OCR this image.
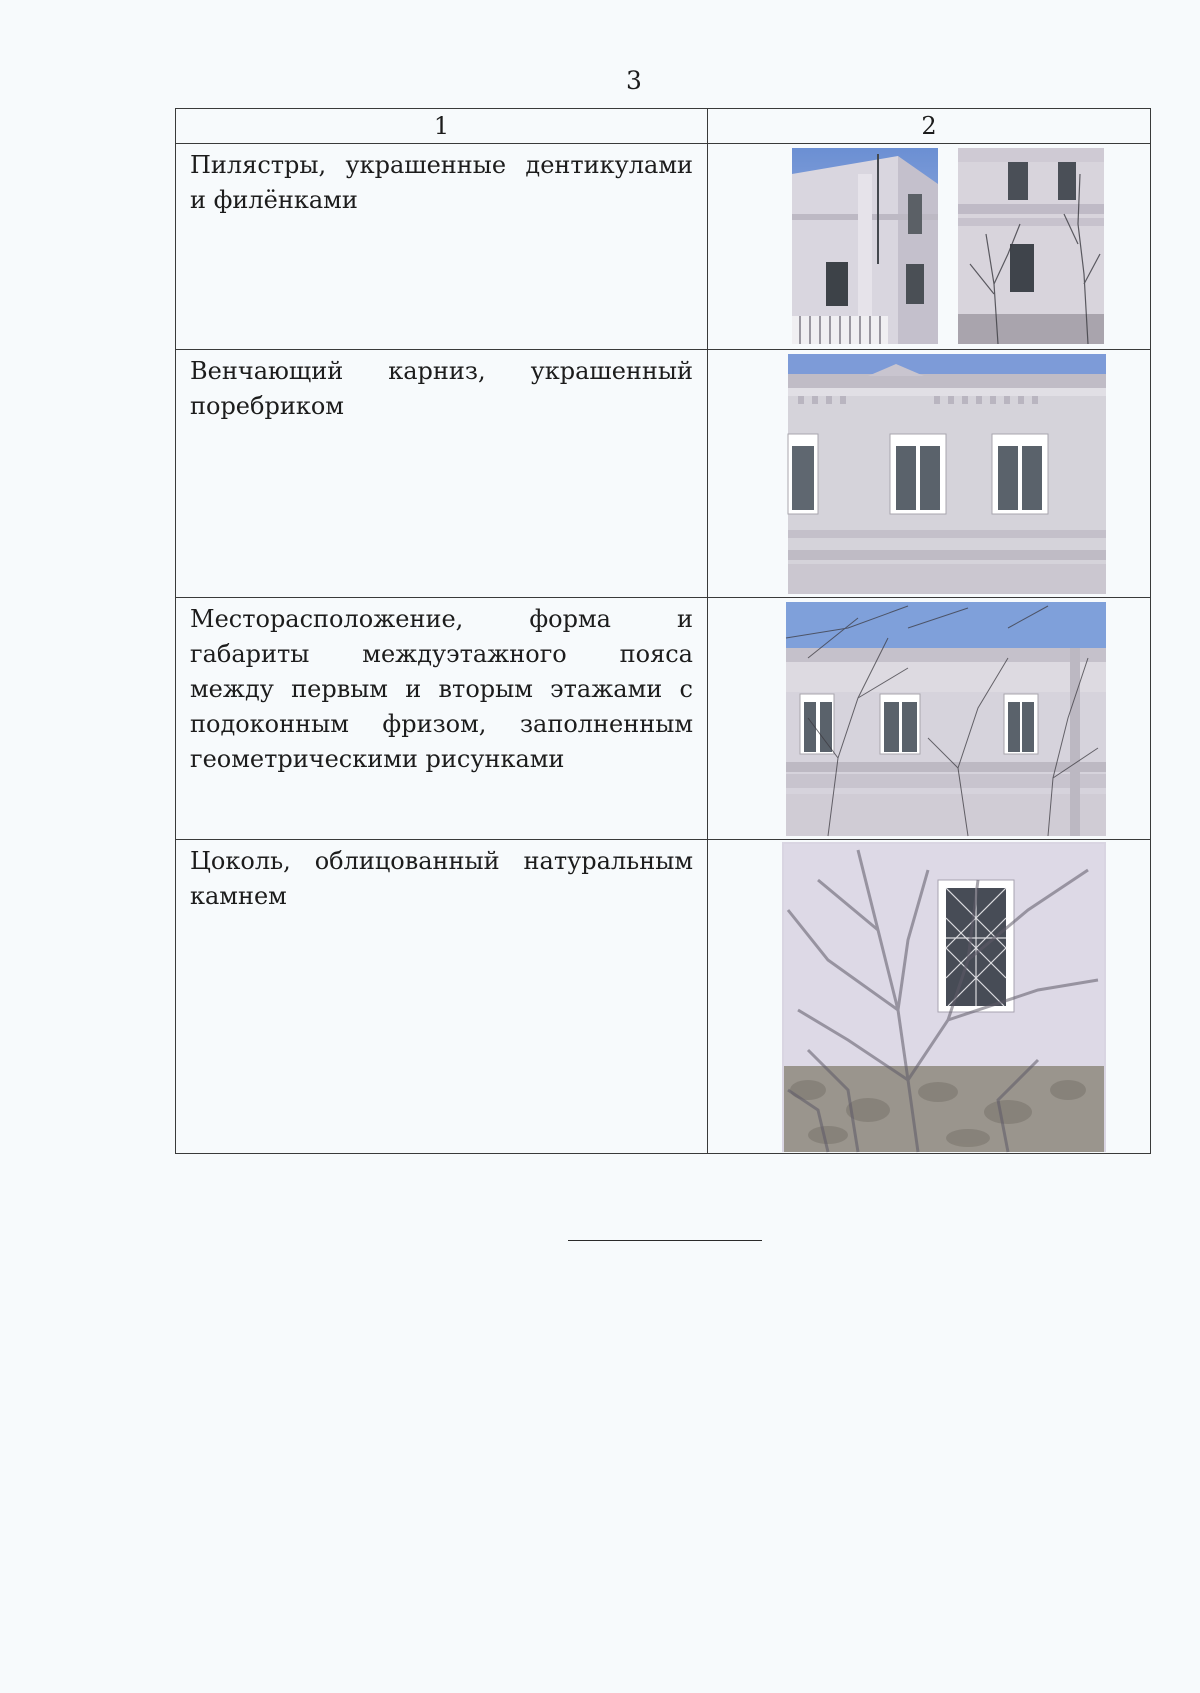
3
1	2

Пилястры, украшенные дентикулами и филёнками

Венчающий карниз, украшенный поребриком

Месторасположение, форма и габариты междуэтажного пояса между первым и вторым этажами с подоконным фризом, заполненным геометрическими рисунками

Цоколь, облицованный натуральным камнем
